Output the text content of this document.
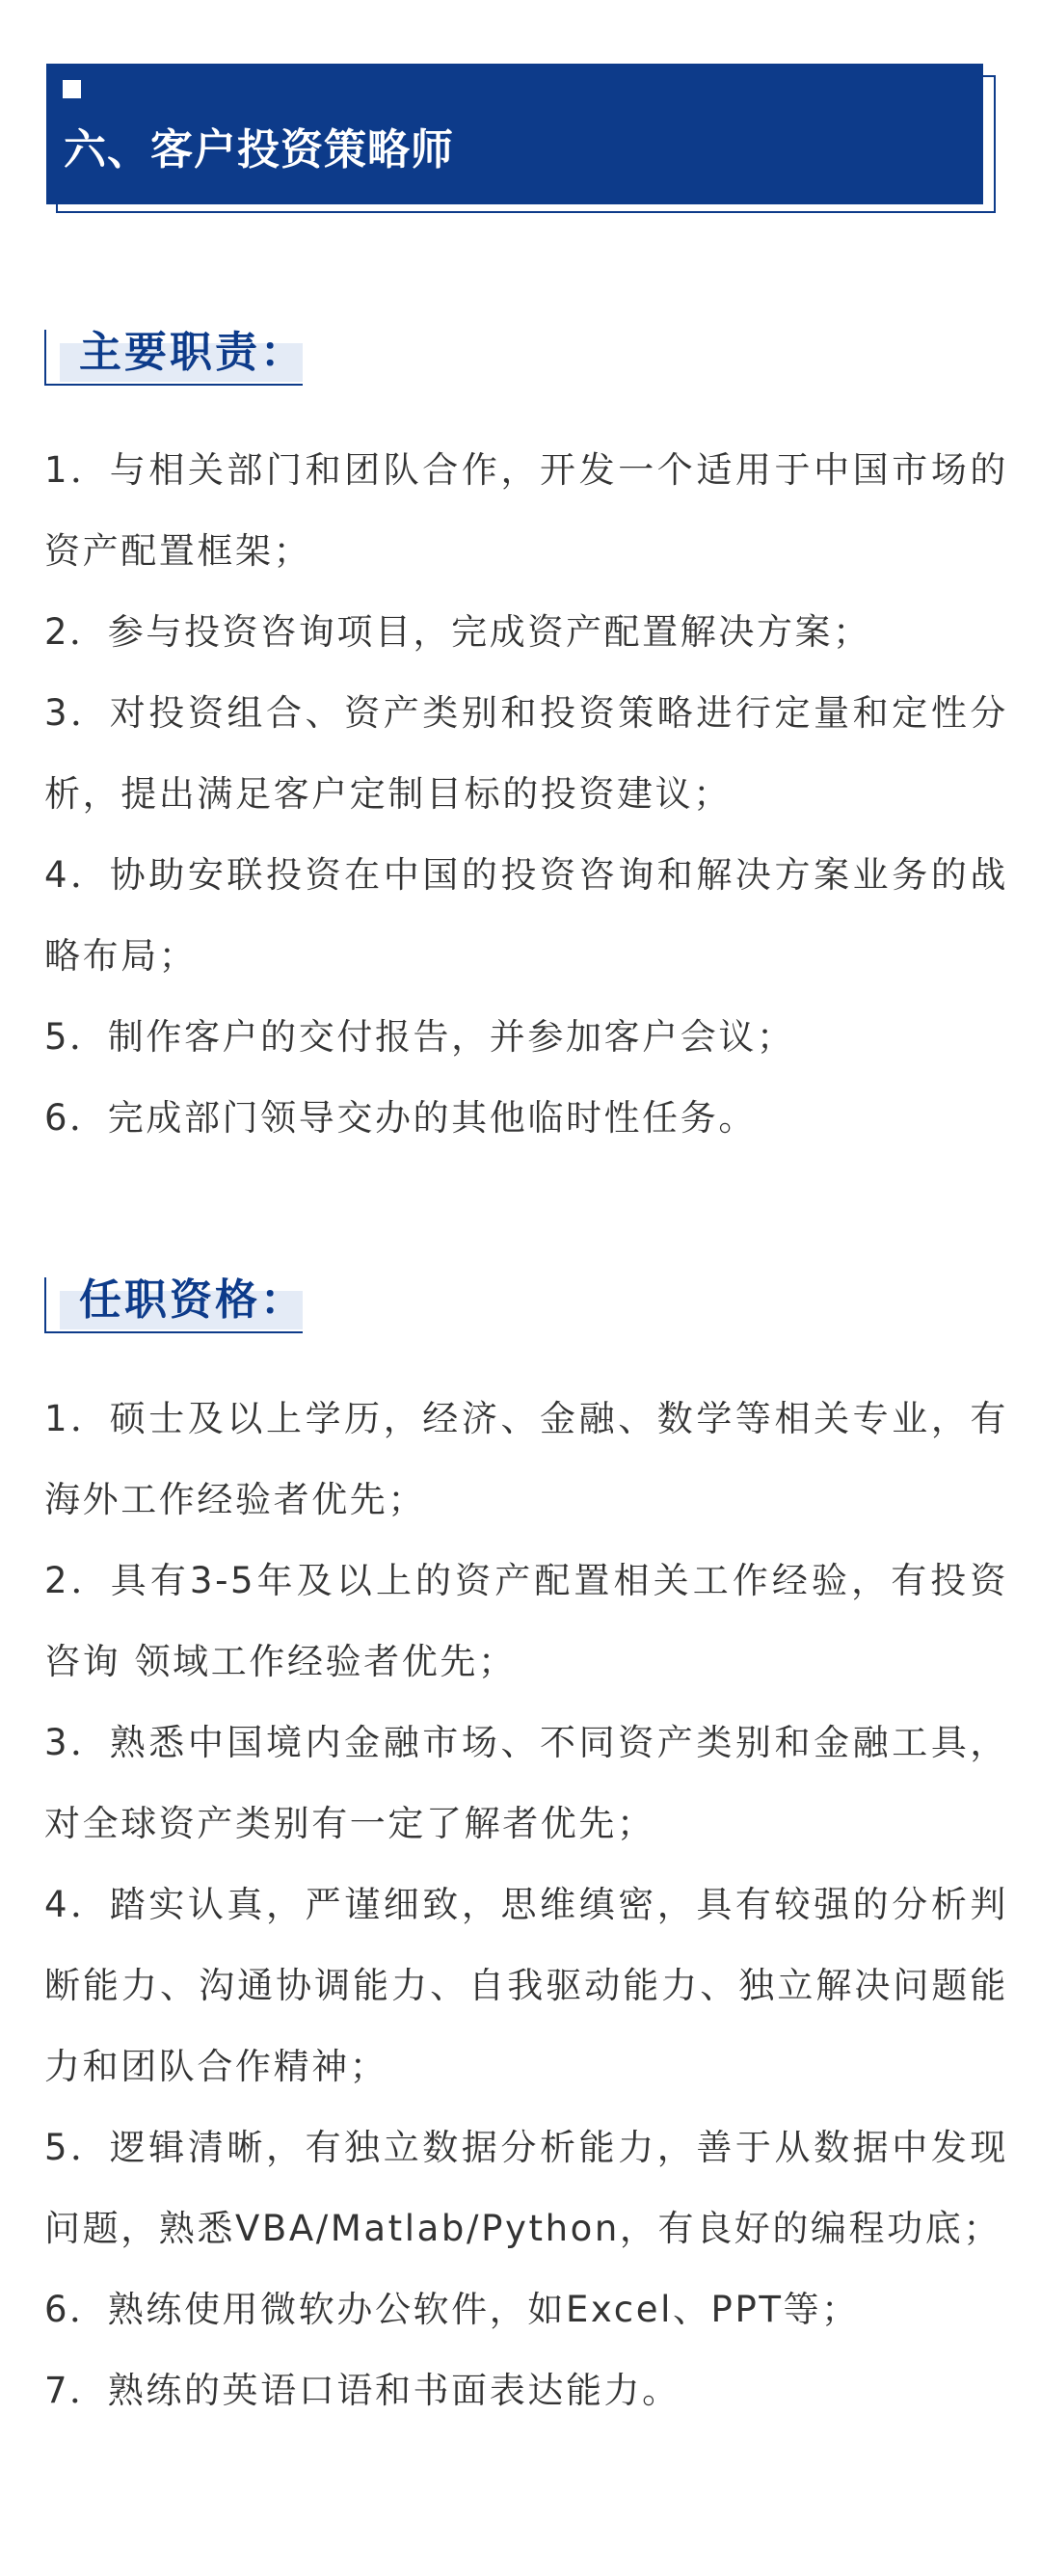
六、客户投资策略师
主要职责：
1．与相关部门和团队合作，开发一个适用于中国市场的资产配置框架；
2．参与投资咨询项目，完成资产配置解决方案；
3．对投资组合、资产类别和投资策略进行定量和定性分析，提出满足客户定制目标的投资建议；
4．协助安联投资在中国的投资咨询和解决方案业务的战略布局；
5．制作客户的交付报告，并参加客户会议；
6．完成部门领导交办的其他临时性任务。
任职资格：
1．硕士及以上学历，经济、金融、数学等相关专业，有海外工作经验者优先；
2．具有3-5年及以上的资产配置相关工作经验，有投资咨询 领域工作经验者优先；
3．熟悉中国境内金融市场、不同资产类别和金融工具，对全球资产类别有一定了解者优先；
4．踏实认真，严谨细致，思维缜密，具有较强的分析判断能力、沟通协调能力、自我驱动能力、独立解决问题能力和团队合作精神；
5．逻辑清晰，有独立数据分析能力，善于从数据中发现问题，熟悉VBA/Matlab/Python，有良好的编程功底；
6．熟练使用微软办公软件，如Excel、PPT等；
7．熟练的英语口语和书面表达能力。
